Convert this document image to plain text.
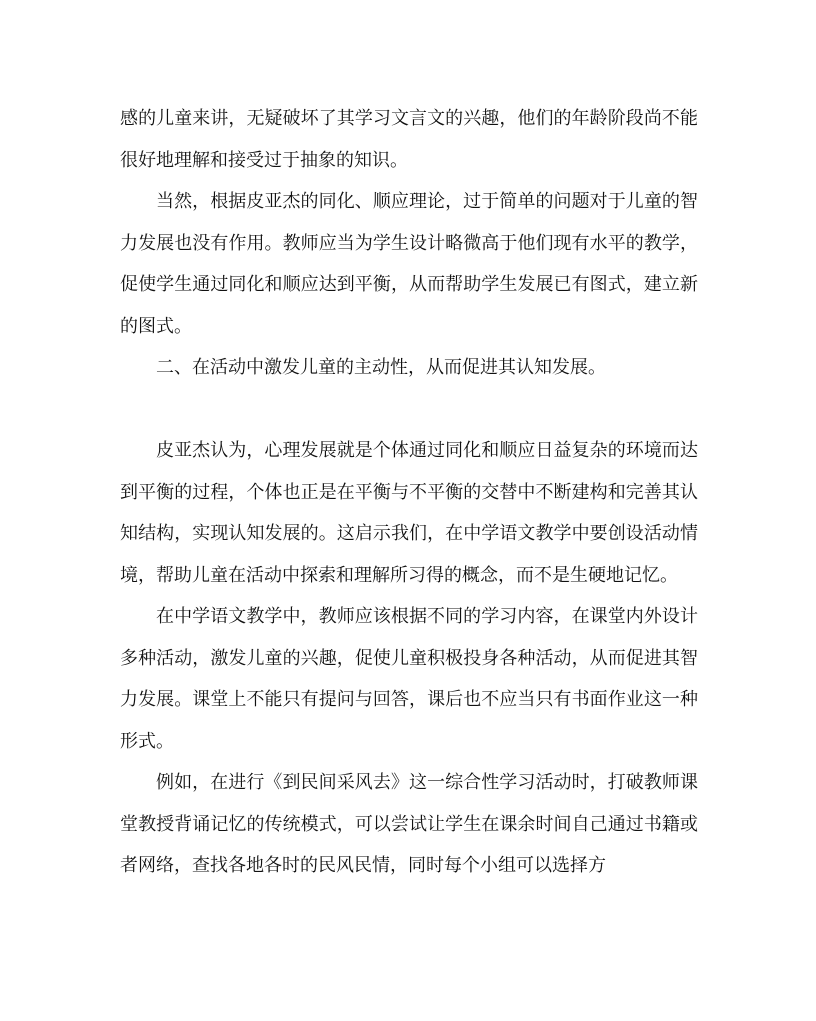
感的儿童来讲，无疑破坏了其学习文言文的兴趣，他们的年龄阶段尚不能很好地理解和接受过于抽象的知识。

当然，根据皮亚杰的同化、顺应理论，过于简单的问题对于儿童的智力发展也没有作用。教师应当为学生设计略微高于他们现有水平的教学，促使学生通过同化和顺应达到平衡，从而帮助学生发展已有图式，建立新的图式。

二、在活动中激发儿童的主动性，从而促进其认知发展。

皮亚杰认为，心理发展就是个体通过同化和顺应日益复杂的环境而达到平衡的过程，个体也正是在平衡与不平衡的交替中不断建构和完善其认知结构，实现认知发展的。这启示我们，在中学语文教学中要创设活动情境，帮助儿童在活动中探索和理解所习得的概念，而不是生硬地记忆。

在中学语文教学中，教师应该根据不同的学习内容，在课堂内外设计多种活动，激发儿童的兴趣，促使儿童积极投身各种活动，从而促进其智力发展。课堂上不能只有提问与回答，课后也不应当只有书面作业这一种形式。

例如，在进行《到民间采风去》这一综合性学习活动时，打破教师课堂教授背诵记忆的传统模式，可以尝试让学生在课余时间自己通过书籍或者网络，查找各地各时的民风民情，同时每个小组可以选择方
